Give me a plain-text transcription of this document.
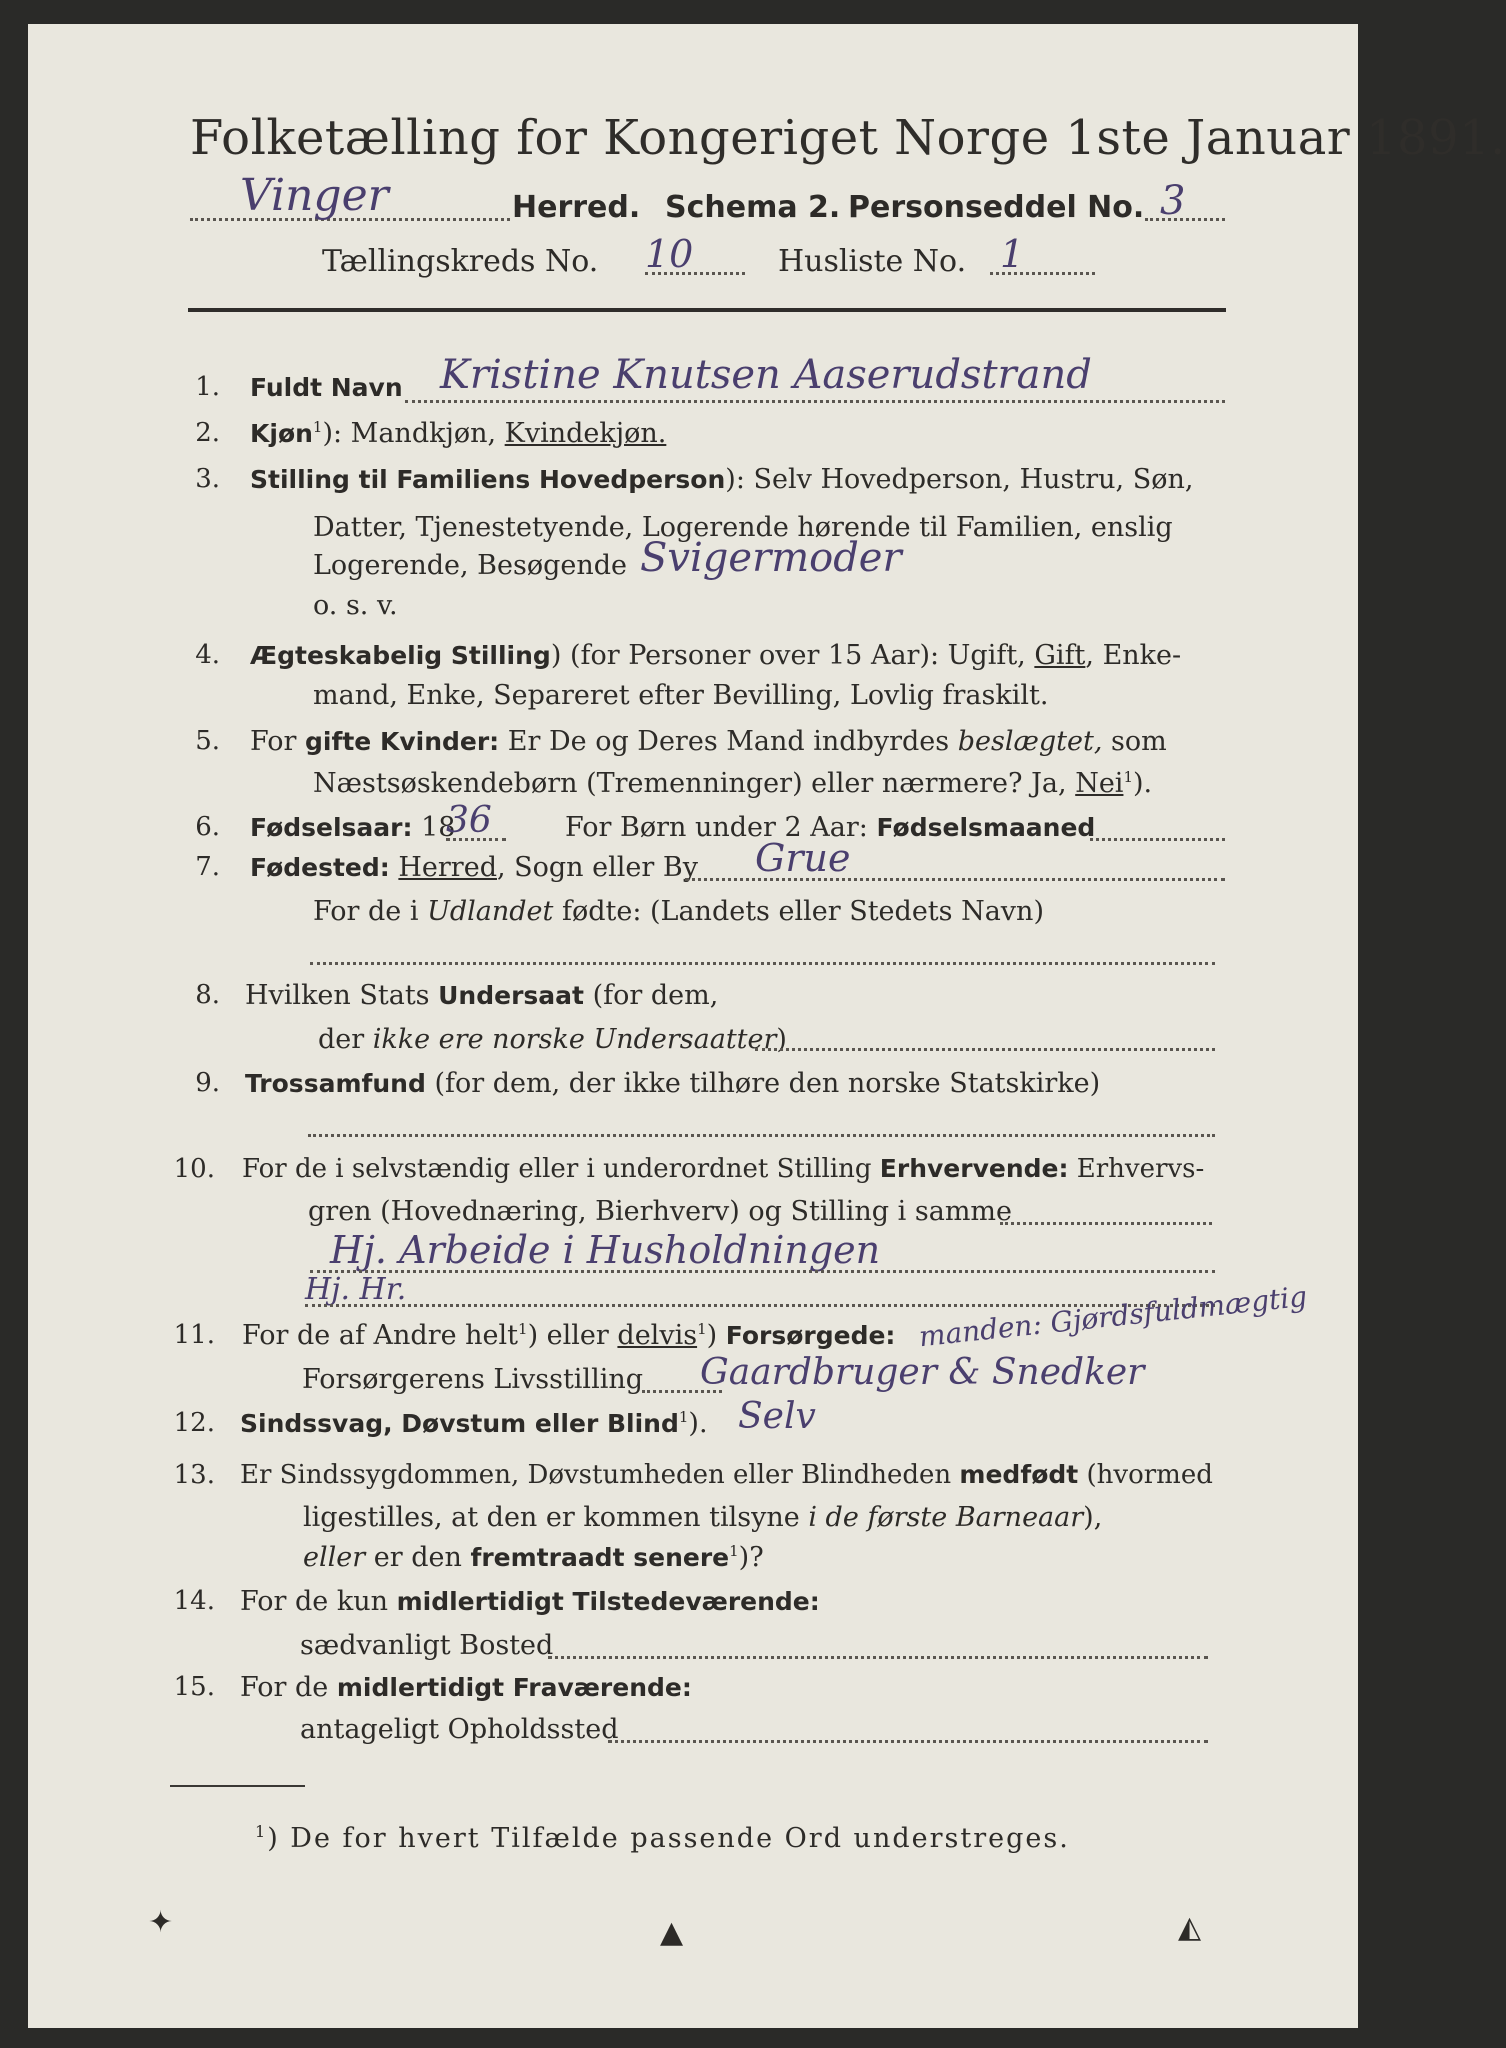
Folketælling for Kongeriget Norge 1ste Januar 1891.
Vinger	Herred. Schema 2. Personseddel No. 3
Tællingskreds No. 10	Husliste No. 1
1. Fuldt Navn Kristine Knutsen Aaserudstrand
2. Kjøn$^1$): Mandkjøn, Kvindekjøn.
3. Stilling til Familiens Hovedperson): Selv Hovedperson, Hustru, Søn,
Datter, Tjenestetyende, Logerende hørende til Familien, enslig
Logerende, Besøgende Svigermoder
o. s. v.
4. Ægteskabelig Stilling) (for Personer over 15 Aar): Ugift, Gift, Enke-
mand, Enke, Separeret efter Bevilling, Lovlig fraskilt.
5. For gifte Kvinder: Er De og Deres Mand indbyrdes beslægtet, som
Næstsøskendebørn (Tremenninger) eller nærmere? Ja, Nei$^1$).
6. Fødselsaar: 18
36	For Børn under 2 Aar: Fødselsmaaned
7. Fødested: Herred, Sogn eller By Grue
For de i Udlandet fødte: (Landets eller Stedets Navn)
8. Hvilken Stats Undersaat (for dem,
der ikke ere norske Undersaatter)
9. Trossamfund (for dem, der ikke tilhøre den norske Statskirke)
10. For de i selvstændig eller i underordnet Stilling Erhvervende: Erhvervs-
gren (Hovednæring, Bierhverv) og Stilling i samme
Hj. Arbeide i Husholdningen
Hj. Hr.
11. For de af Andre helt$^1$) eller delvis$^1$) Forsørgede: manden: Gjørdsfuldmægtig
Forsørgerens Livsstilling Gaardbruger & Snedker
12. Sindssvag, Døvstum eller Blind$^1$). Selv
13. Er Sindssygdommen, Døvstumheden eller Blindheden medfødt (hvormed
ligestilles, at den er kommen tilsyne i de første Barneaar),
eller er den fremtraadt senere$^1$)?
14. For de kun midlertidigt Tilstedeværende:
sædvanligt Bosted
15. For de midlertidigt Fraværende:
antageligt Opholdssted
$^1$) De for hvert Tilfælde passende Ord understreges.
✦	▲	◭
